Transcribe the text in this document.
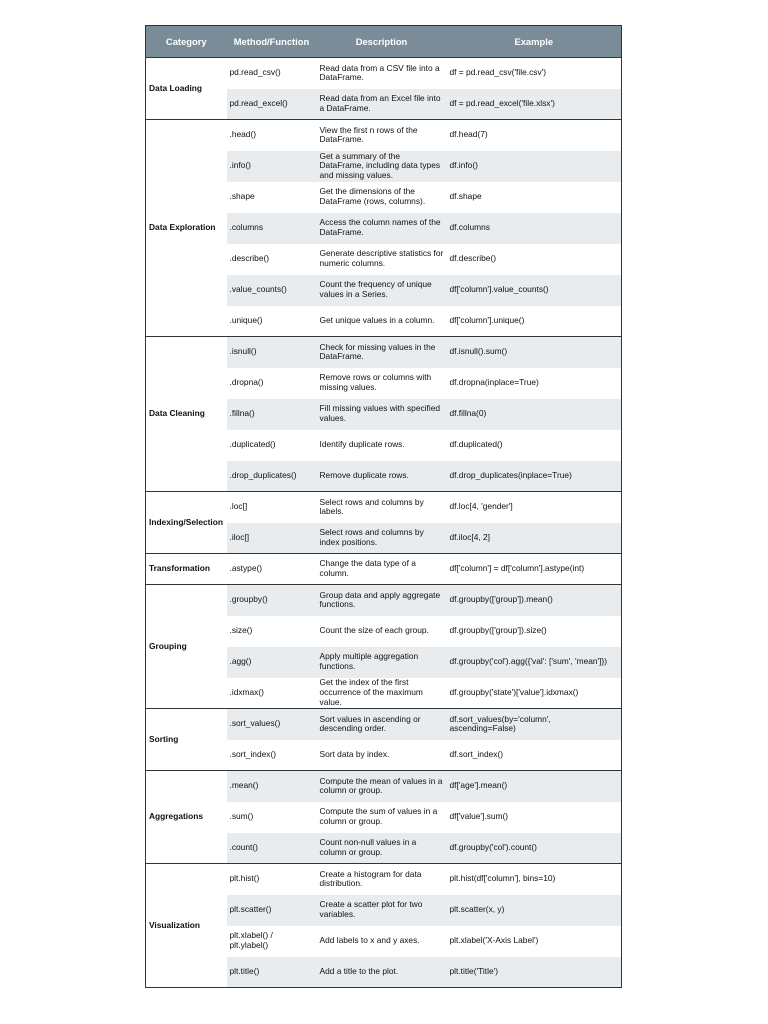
Category	Method/Function	Description	Example
Data Loading	pd.read_csv()	Read data from a CSV file into a DataFrame.	df = pd.read_csv('file.csv')
	pd.read_excel()	Read data from an Excel file into a DataFrame.	df = pd.read_excel('file.xlsx')
Data Exploration	.head()	View the first n rows of the DataFrame.	df.head(7)
	.info()	Get a summary of the DataFrame, including data types and missing values.	df.info()
	.shape	Get the dimensions of the DataFrame (rows, columns).	df.shape
	.columns	Access the column names of the DataFrame.	df.columns
	.describe()	Generate descriptive statistics for numeric columns.	df.describe()
	.value_counts()	Count the frequency of unique values in a Series.	df['column'].value_counts()
	.unique()	Get unique values in a column.	df['column'].unique()
Data Cleaning	.isnull()	Check for missing values in the DataFrame.	df.isnull().sum()
	.dropna()	Remove rows or columns with missing values.	df.dropna(inplace=True)
	.fillna()	Fill missing values with specified values.	df.fillna(0)
	.duplicated()	Identify duplicate rows.	df.duplicated()
	.drop_duplicates()	Remove duplicate rows.	df.drop_duplicates(inplace=True)
Indexing/Selection	.loc[]	Select rows and columns by labels.	df.loc[4, 'gender']
	.iloc[]	Select rows and columns by index positions.	df.iloc[4, 2]
Transformation	.astype()	Change the data type of a column.	df['column'] = df['column'].astype(int)
Grouping	.groupby()	Group data and apply aggregate functions.	df.groupby(['group']).mean()
	.size()	Count the size of each group.	df.groupby(['group']).size()
	.agg()	Apply multiple aggregation functions.	df.groupby('col').agg({'val': ['sum', 'mean']})
	.idxmax()	Get the index of the first occurrence of the maximum value.	df.groupby('state')['value'].idxmax()
Sorting	.sort_values()	Sort values in ascending or descending order.	df.sort_values(by='column', ascending=False)
	.sort_index()	Sort data by index.	df.sort_index()
Aggregations	.mean()	Compute the mean of values in a column or group.	df['age'].mean()
	.sum()	Compute the sum of values in a column or group.	df['value'].sum()
	.count()	Count non-null values in a column or group.	df.groupby('col').count()
Visualization	plt.hist()	Create a histogram for data distribution.	plt.hist(df['column'], bins=10)
	plt.scatter()	Create a scatter plot for two variables.	plt.scatter(x, y)
	plt.xlabel() / plt.ylabel()	Add labels to x and y axes.	plt.xlabel('X-Axis Label')
	plt.title()	Add a title to the plot.	plt.title('Title')
